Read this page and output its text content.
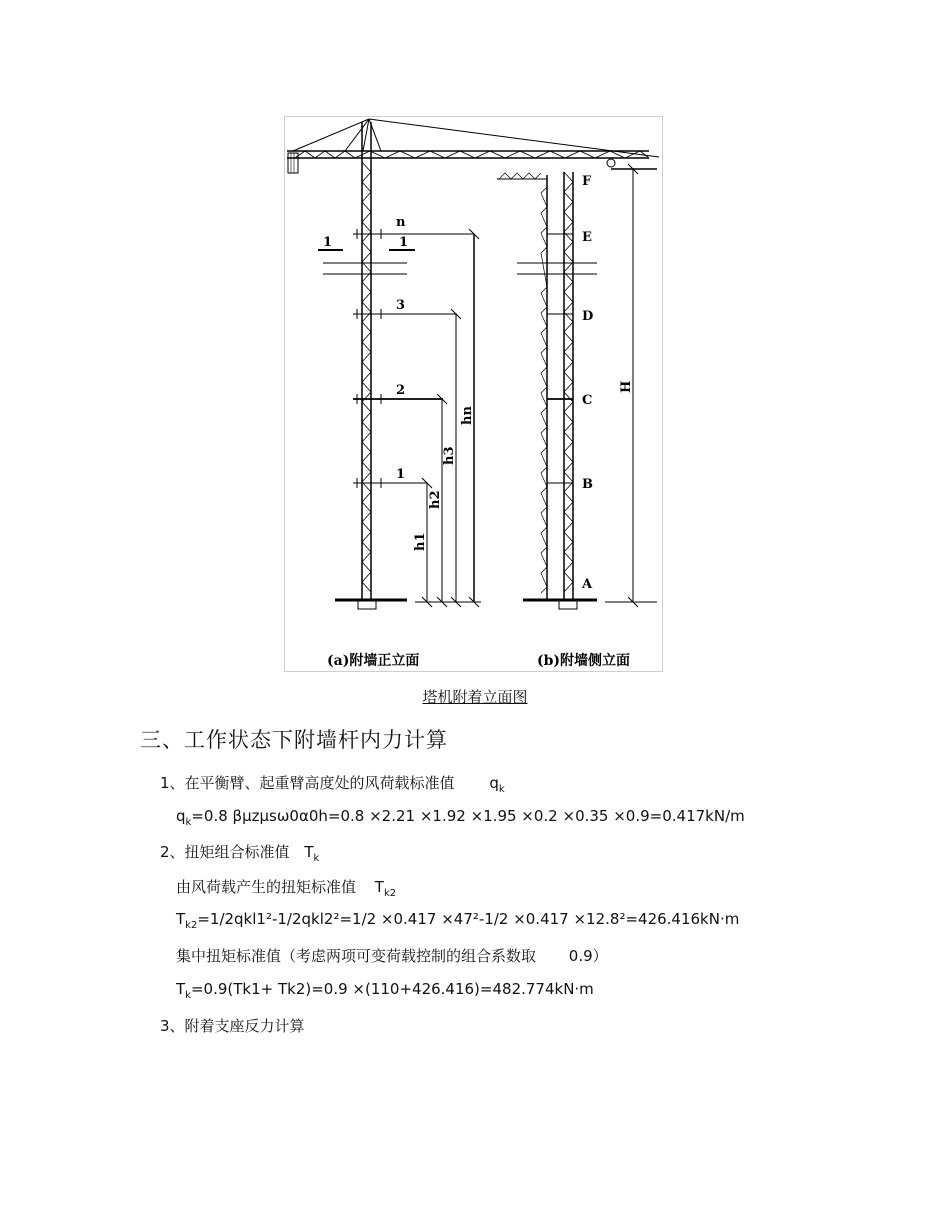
n
1	1
3
2
1
hn
h3
h2
h1
F
E
D
C
B
A
H
(a)附墙正立面	(b)附墙侧立面
塔机附着立面图
三、工作状态下附墙杆内力计算
1、在平衡臂、起重臂高度处的风荷载标准值 $q_k$
$q_k=0.8$ βμzμsω0α0h=0.8 ×2.21 ×1.92 ×1.95 ×0.2 ×0.35 ×0.9=0.417kN/m
2、扭矩组合标准值 $T_k$
由风荷载产生的扭矩标准值 $T_{k2}$
$T_{k2}=1/2qkl1^2-1/2qkl2^2=1/2 \times 0.417 \times 47^2-1/2 \times 0.417 \times 12.8^2=426.416kN\cdot m$
集中扭矩标准值（考虑两项可变荷载控制的组合系数取 0.9）
$T_k=0.9(Tk1+ Tk2)=0.9 \times(110+426.416)=482.774kN\cdot m$
3、附着支座反力计算
